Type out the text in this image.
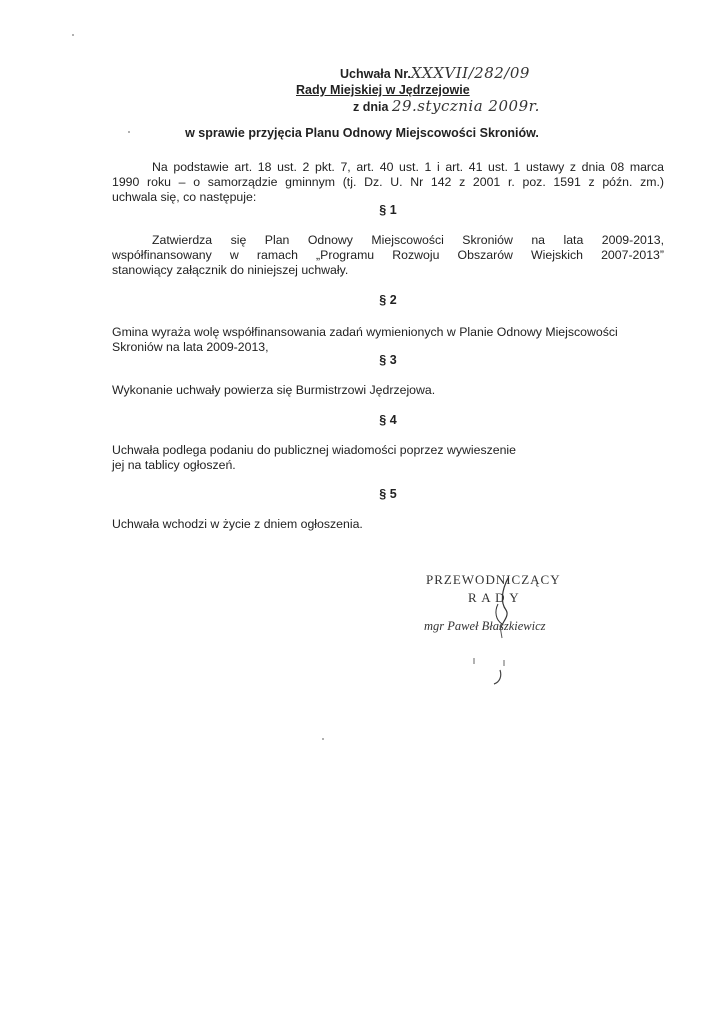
Uchwała Nr.XXXVII/282/09
Rady Miejskiej w Jędrzejowie
z dnia 29.stycznia 2009r.
w sprawie przyjęcia Planu Odnowy Miejscowości Skroniów.
Na podstawie art. 18 ust. 2 pkt. 7, art. 40 ust. 1 i art. 41 ust. 1 ustawy z dnia 08 marca
1990 roku – o samorządzie gminnym (tj. Dz. U. Nr 142 z 2001 r. poz. 1591 z późn. zm.)
uchwala się, co następuje:
§ 1
Zatwierdza się Plan Odnowy Miejscowości Skroniów na lata 2009-2013,
współfinansowany w ramach „Programu Rozwoju Obszarów Wiejskich 2007-2013”
stanowiący załącznik do niniejszej uchwały.
§ 2
Gmina wyraża wolę współfinansowania zadań wymienionych w Planie Odnowy Miejscowości
Skroniów na lata 2009-2013,
§ 3
Wykonanie uchwały powierza się Burmistrzowi Jędrzejowa.
§ 4
Uchwała podlega podaniu do publicznej wiadomości poprzez wywieszenie
jej na tablicy ogłoszeń.
§ 5
Uchwała wchodzi w życie z dniem ogłoszenia.
PRZEWODNICZĄCY
R A D Y
mgr Paweł Błaszkiewicz
